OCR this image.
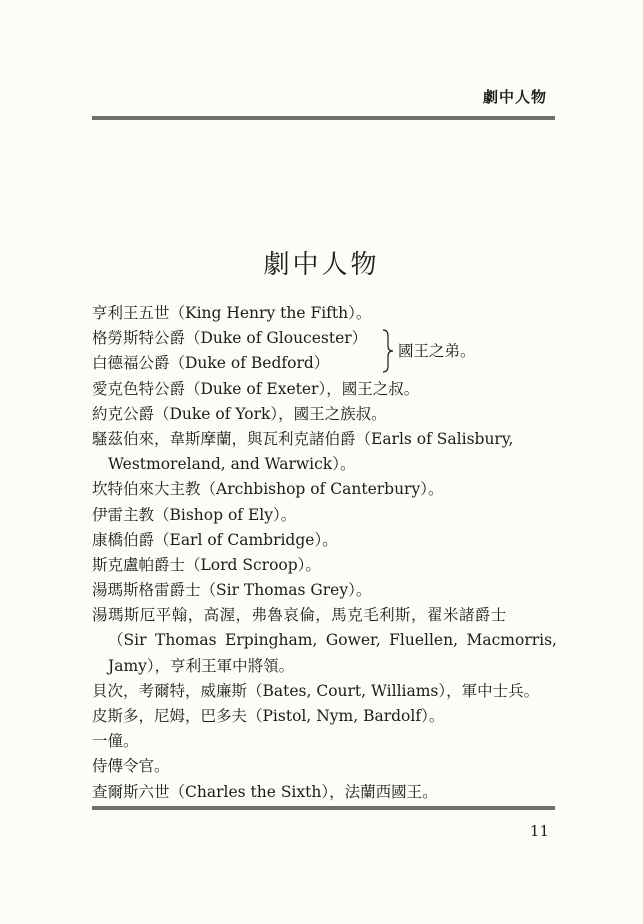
劇中人物
劇中人物
亨利王五世（King Henry the Fifth）。
格勞斯特公爵（Duke of Gloucester）
白德福公爵（Duke of Bedford）
國王之弟。
愛克色特公爵（Duke of Exeter），國王之叔。
約克公爵（Duke of York），國王之族叔。
騷茲伯來，韋斯摩蘭，與瓦利克諸伯爵（Earls of Salisbury,
Westmoreland, and Warwick）。
坎特伯來大主教（Archbishop of Canterbury）。
伊雷主教（Bishop of Ely）。
康橋伯爵（Earl of Cambridge）。
斯克盧帕爵士（Lord Scroop）。
湯瑪斯格雷爵士（Sir Thomas Grey）。
湯瑪斯厄平翰，高渥，弗魯哀倫，馬克毛利斯，翟米諸爵士
（Sir Thomas Erpingham, Gower, Fluellen, Macmorris,
Jamy），亨利王軍中將領。
貝次，考爾特，威廉斯（Bates, Court, Williams），軍中士兵。
皮斯多，尼姆，巴多夫（Pistol, Nym, Bardolf）。
一僮。
侍傳令官。
查爾斯六世（Charles the Sixth），法蘭西國王。
11
